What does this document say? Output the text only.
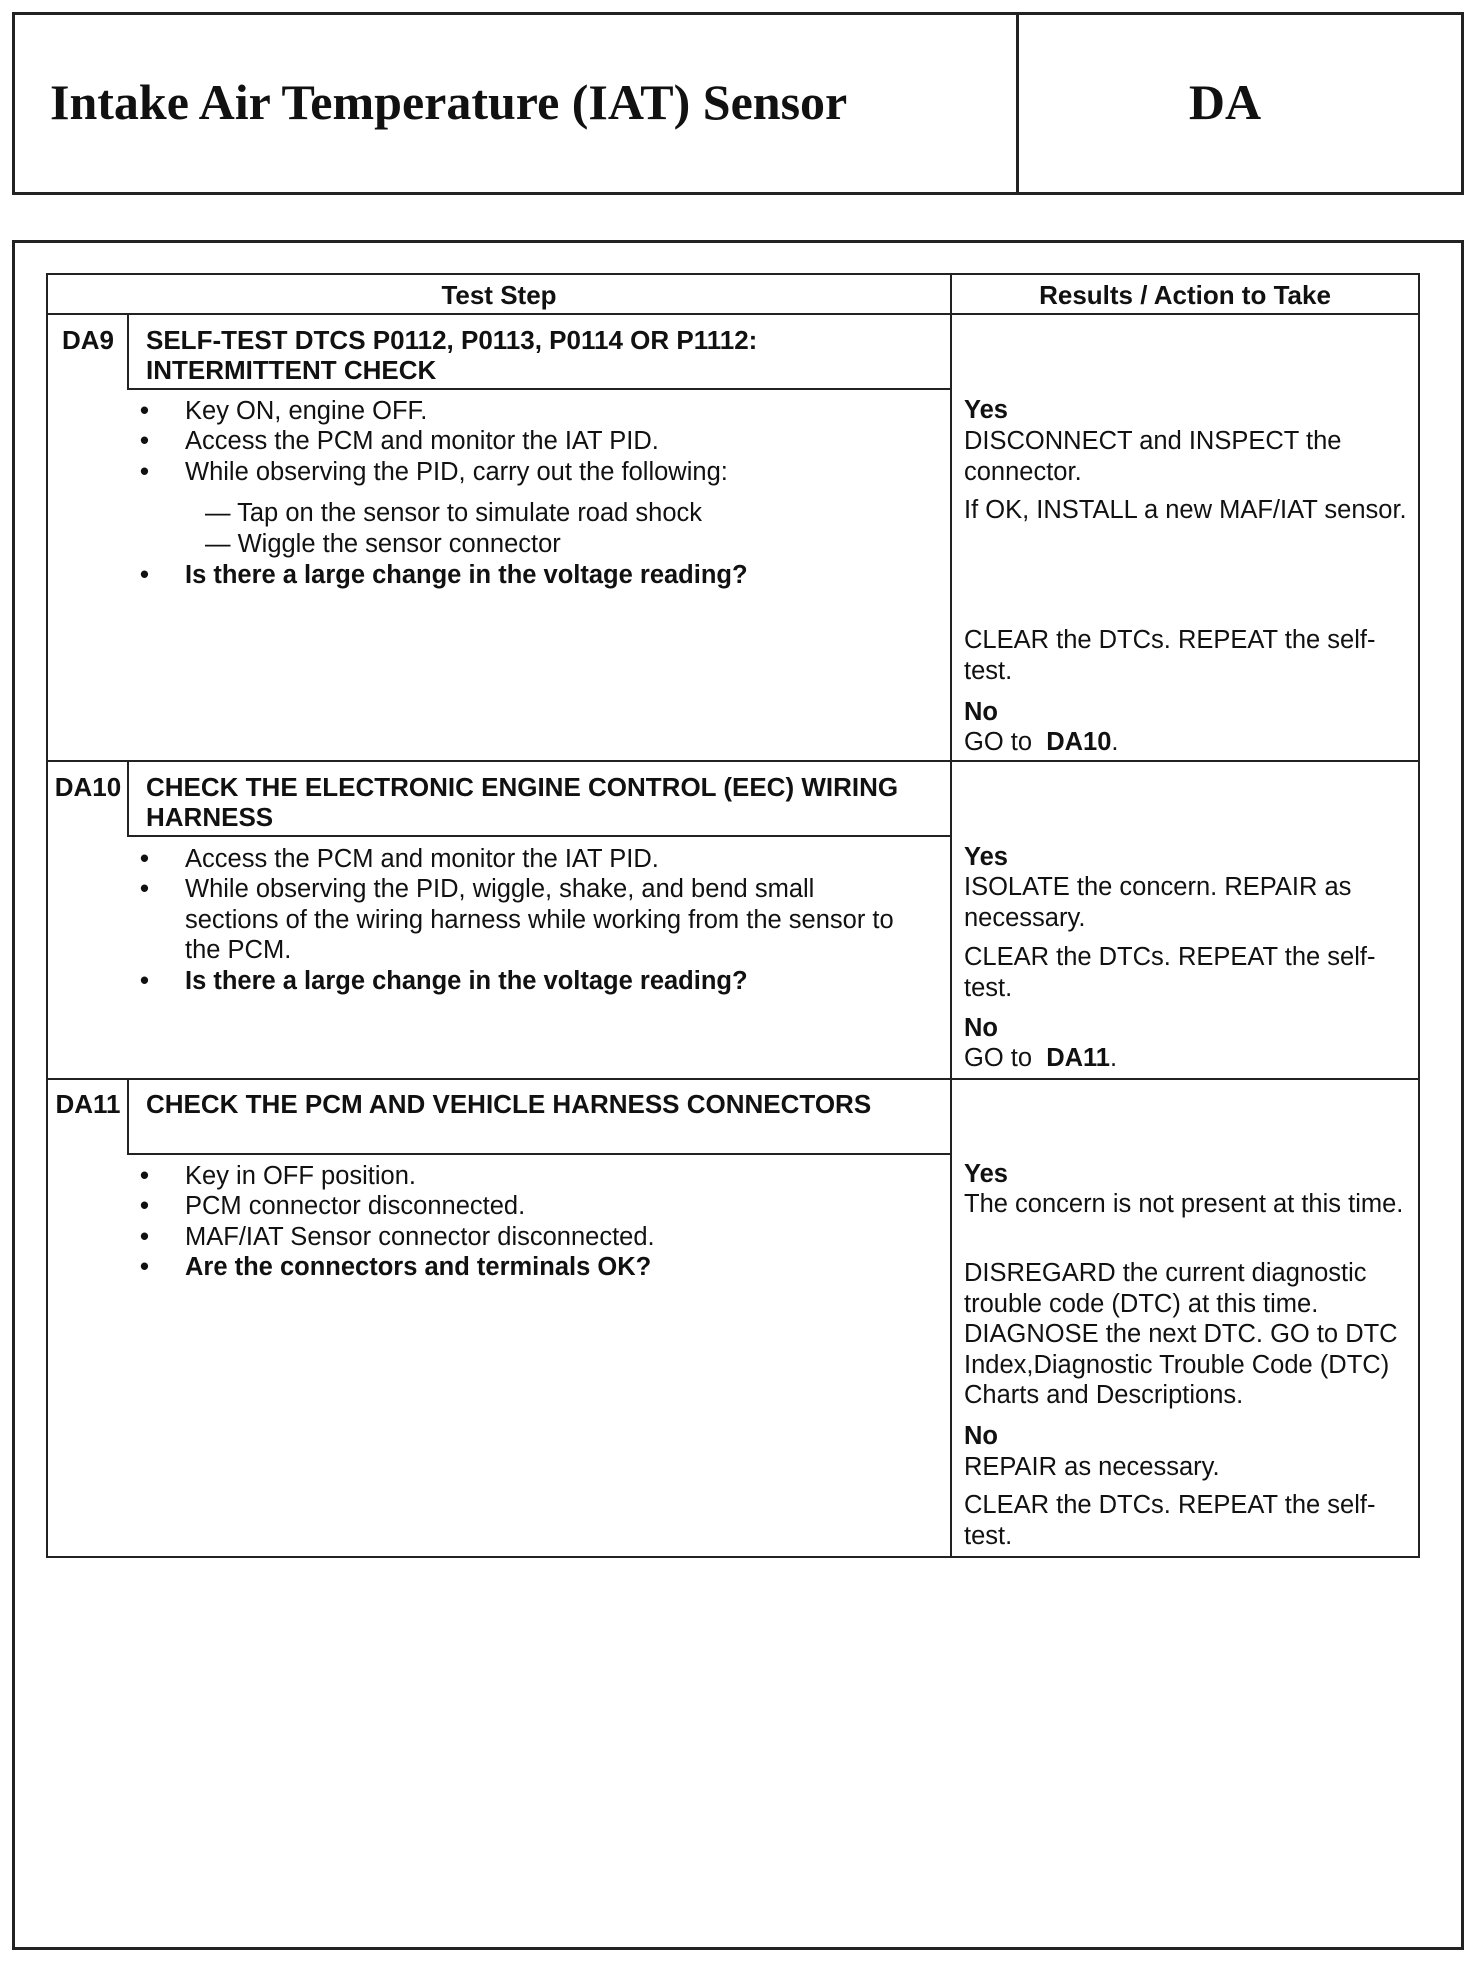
Intake Air Temperature (IAT) Sensor	DA
Test Step	Results / Action to Take
DA9	SELF-TEST DTCS P0112, P0113, P0114 OR P1112: INTERMITTENT CHECK
• Key ON, engine OFF.
• Access the PCM and monitor the IAT PID.
• While observing the PID, carry out the following:
— Tap on the sensor to simulate road shock
— Wiggle the sensor connector
• Is there a large change in the voltage reading?
Yes
DISCONNECT and INSPECT the connector.
If OK, INSTALL a new MAF/IAT sensor.
CLEAR the DTCs. REPEAT the self-test.
No
GO to DA10.
DA10 CHECK THE ELECTRONIC ENGINE CONTROL (EEC) WIRING HARNESS
• Access the PCM and monitor the IAT PID.
• While observing the PID, wiggle, shake, and bend small sections of the wiring harness while working from the sensor to the PCM.
• Is there a large change in the voltage reading?
Yes
ISOLATE the concern. REPAIR as necessary.
CLEAR the DTCs. REPEAT the self-test.
No
GO to DA11.
DA11 CHECK THE PCM AND VEHICLE HARNESS CONNECTORS
• Key in OFF position.
• PCM connector disconnected.
• MAF/IAT Sensor connector disconnected.
• Are the connectors and terminals OK?
Yes
The concern is not present at this time.
DISREGARD the current diagnostic trouble code (DTC) at this time. DIAGNOSE the next DTC. GO to DTC Index,Diagnostic Trouble Code (DTC) Charts and Descriptions.
No
REPAIR as necessary.
CLEAR the DTCs. REPEAT the self-test.
